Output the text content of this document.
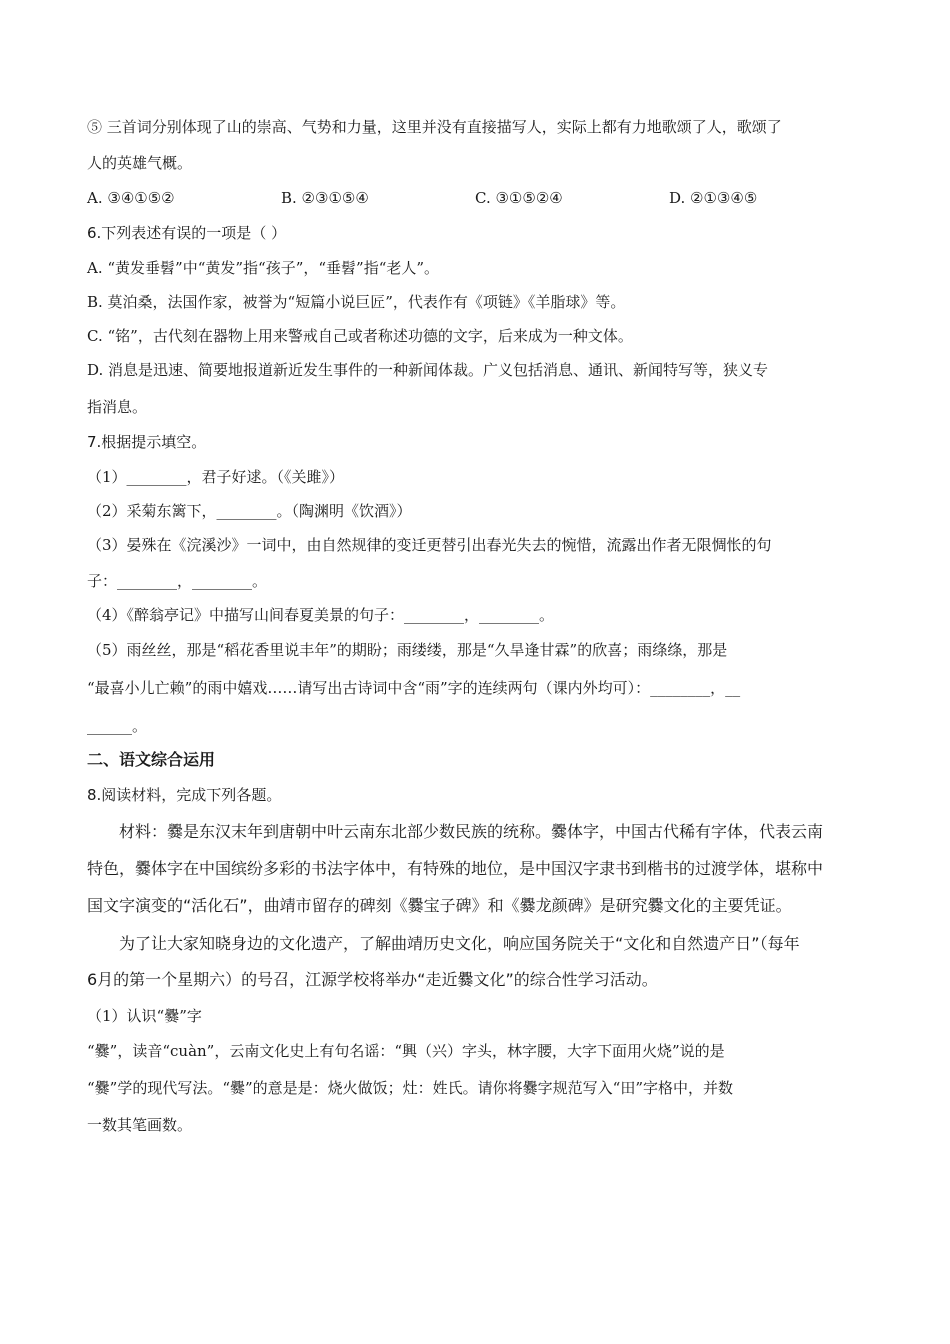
⑤ 三首词分别体现了山的崇高、气势和力量，这里并没有直接描写人，实际上都有力地歌颂了人，歌颂了
人的英雄气概。
A. ③④①⑤②	B. ②③①⑤④	C. ③①⑤②④	D. ②①③④⑤
6.下列表述有误的一项是（ ）
A. “黄发垂髫”中“黄发”指“孩子”，“垂髫”指“老人”。
B. 莫泊桑，法国作家，被誉为“短篇小说巨匠”，代表作有《项链》《羊脂球》等。
C. “铭”，古代刻在器物上用来警戒自己或者称述功德的文字，后来成为一种文体。
D. 消息是迅速、简要地报道新近发生事件的一种新闻体裁。广义包括消息、通讯、新闻特写等，狭义专
指消息。
7.根据提示填空。
（1）________，君子好逑。（《关雎》）
（2）采菊东篱下，________。（陶渊明《饮酒》）
（3）晏殊在《浣溪沙》一词中，由自然规律的变迁更替引出春光失去的惋惜，流露出作者无限惆怅的句
子：________，________。
（4）《醉翁亭记》中描写山间春夏美景的句子：________，________。
（5）雨丝丝，那是“稻花香里说丰年”的期盼；雨缕缕，那是“久旱逢甘霖”的欣喜；雨绦绦，那是
“最喜小儿亡赖”的雨中嬉戏……请写出古诗词中含“雨”字的连续两句（课内外均可）：________，__
______。
二、语文综合运用
8.阅读材料，完成下列各题。
材料：爨是东汉末年到唐朝中叶云南东北部少数民族的统称。爨体字，中国古代稀有字体，代表云南
特色，爨体字在中国缤纷多彩的书法字体中，有特殊的地位，是中国汉字隶书到楷书的过渡学体，堪称中
国文字演变的“活化石”，曲靖市留存的碑刻《爨宝子碑》和《爨龙颜碑》是研究爨文化的主要凭证。
为了让大家知晓身边的文化遗产，了解曲靖历史文化，响应国务院关于“文化和自然遗产日”（每年
6月的第一个星期六）的号召，江源学校将举办“走近爨文化”的综合性学习活动。
（1）认识“爨”字
“爨”，读音“cuàn”，云南文化史上有句名谣：“興（兴）字头，林字腰，大字下面用火烧”说的是
“爨”学的现代写法。“爨”的意是是：烧火做饭；灶：姓氏。请你将爨字规范写入“田”字格中，并数
一数其笔画数。
